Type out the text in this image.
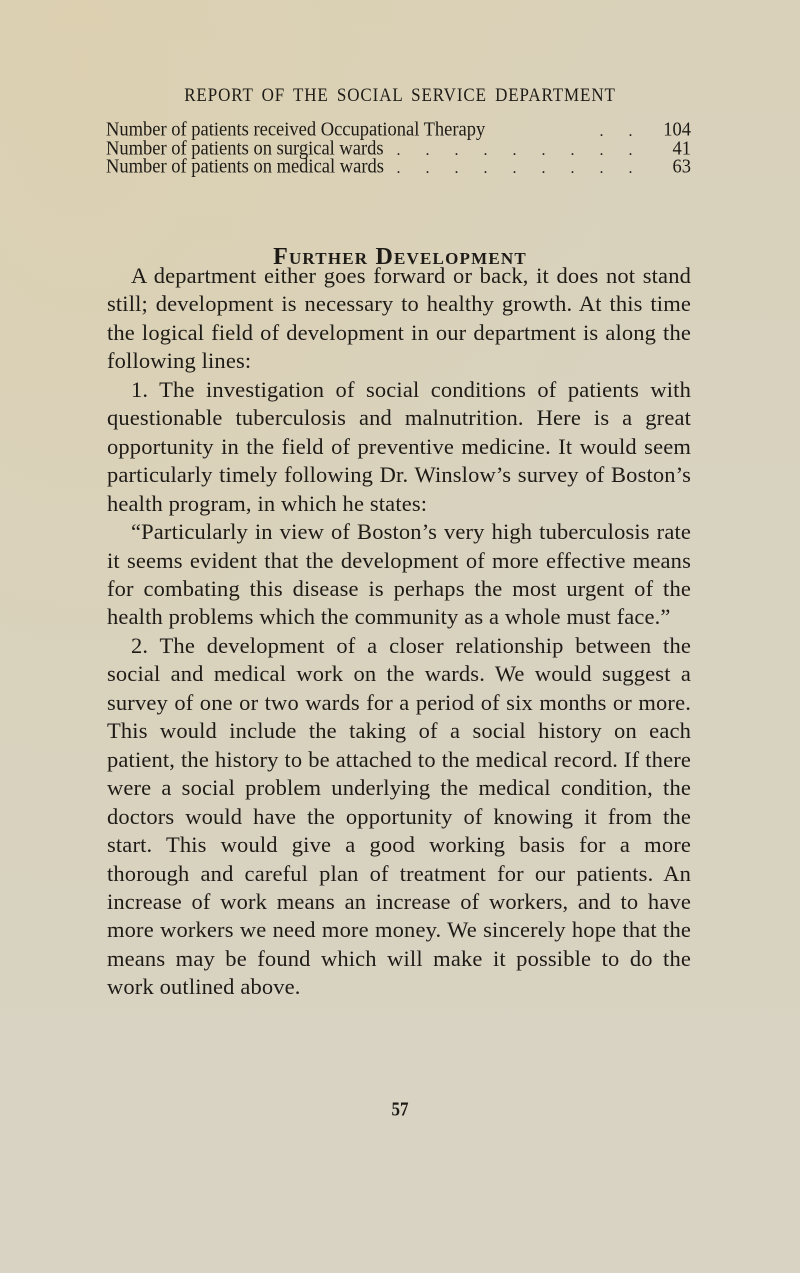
REPORT OF THE SOCIAL SERVICE DEPARTMENT
Number of patients received Occupational Therapy	. .	104
Number of patients on surgical wards . . . . . . . . .	41
Number of patients on medical wards . . . . . . . . .	63
Further Development

A department either goes forward or back, it does not stand still; development is necessary to healthy growth. At this time the logical field of development in our department is along the following lines:

1. The investigation of social conditions of patients with questionable tuberculosis and malnutrition. Here is a great opportunity in the field of preventive medicine. It would seem particularly timely following Dr. Winslow’s survey of Boston’s health program, in which he states:

“Particularly in view of Boston’s very high tuberculosis rate it seems evident that the development of more effective means for combating this disease is perhaps the most urgent of the health problems which the community as a whole must face.”

2. The development of a closer relationship between the social and medical work on the wards. We would suggest a survey of one or two wards for a period of six months or more. This would include the taking of a social history on each patient, the history to be attached to the medical record. If there were a social problem underlying the medical condition, the doctors would have the opportunity of knowing it from the start. This would give a good working basis for a more thorough and careful plan of treatment for our patients. An increase of work means an increase of workers, and to have more workers we need more money. We sincerely hope that the means may be found which will make it possible to do the work outlined above.

57
